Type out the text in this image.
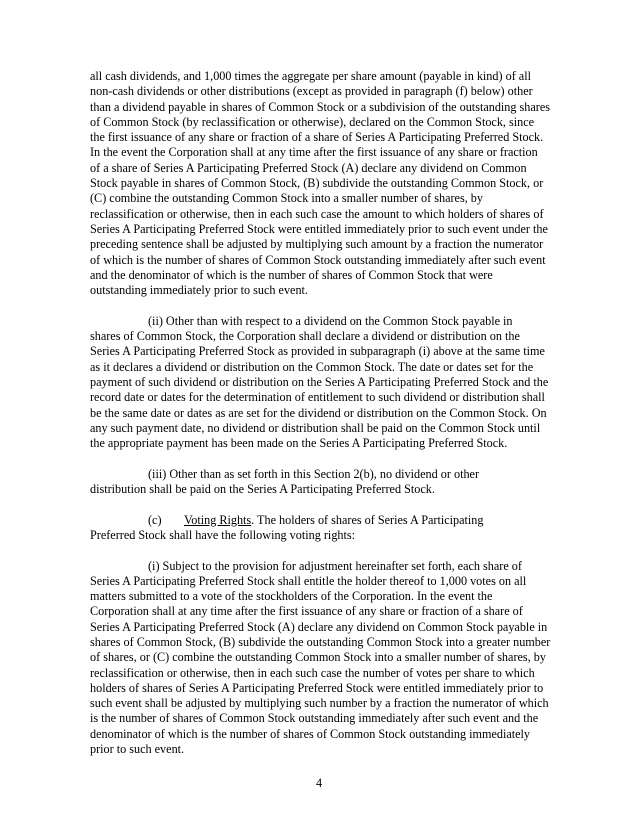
all cash dividends, and 1,000 times the aggregate per share amount (payable in kind) of all
non-cash dividends or other distributions (except as provided in paragraph (f) below) other
than a dividend payable in shares of Common Stock or a subdivision of the outstanding shares
of Common Stock (by reclassification or otherwise), declared on the Common Stock, since
the first issuance of any share or fraction of a share of Series A Participating Preferred Stock.
In the event the Corporation shall at any time after the first issuance of any share or fraction
of a share of Series A Participating Preferred Stock (A) declare any dividend on Common
Stock payable in shares of Common Stock, (B) subdivide the outstanding Common Stock, or
(C) combine the outstanding Common Stock into a smaller number of shares, by
reclassification or otherwise, then in each such case the amount to which holders of shares of
Series A Participating Preferred Stock were entitled immediately prior to such event under the
preceding sentence shall be adjusted by multiplying such amount by a fraction the numerator
of which is the number of shares of Common Stock outstanding immediately after such event
and the denominator of which is the number of shares of Common Stock that were
outstanding immediately prior to such event.

(ii) Other than with respect to a dividend on the Common Stock payable in
shares of Common Stock, the Corporation shall declare a dividend or distribution on the
Series A Participating Preferred Stock as provided in subparagraph (i) above at the same time
as it declares a dividend or distribution on the Common Stock. The date or dates set for the
payment of such dividend or distribution on the Series A Participating Preferred Stock and the
record date or dates for the determination of entitlement to such dividend or distribution shall
be the same date or dates as are set for the dividend or distribution on the Common Stock. On
any such payment date, no dividend or distribution shall be paid on the Common Stock until
the appropriate payment has been made on the Series A Participating Preferred Stock.

(iii) Other than as set forth in this Section 2(b), no dividend or other
distribution shall be paid on the Series A Participating Preferred Stock.

(c) Voting Rights. The holders of shares of Series A Participating
Preferred Stock shall have the following voting rights:

(i) Subject to the provision for adjustment hereinafter set forth, each share of
Series A Participating Preferred Stock shall entitle the holder thereof to 1,000 votes on all
matters submitted to a vote of the stockholders of the Corporation. In the event the
Corporation shall at any time after the first issuance of any share or fraction of a share of
Series A Participating Preferred Stock (A) declare any dividend on Common Stock payable in
shares of Common Stock, (B) subdivide the outstanding Common Stock into a greater number
of shares, or (C) combine the outstanding Common Stock into a smaller number of shares, by
reclassification or otherwise, then in each such case the number of votes per share to which
holders of shares of Series A Participating Preferred Stock were entitled immediately prior to
such event shall be adjusted by multiplying such number by a fraction the numerator of which
is the number of shares of Common Stock outstanding immediately after such event and the
denominator of which is the number of shares of Common Stock outstanding immediately
prior to such event.

4
